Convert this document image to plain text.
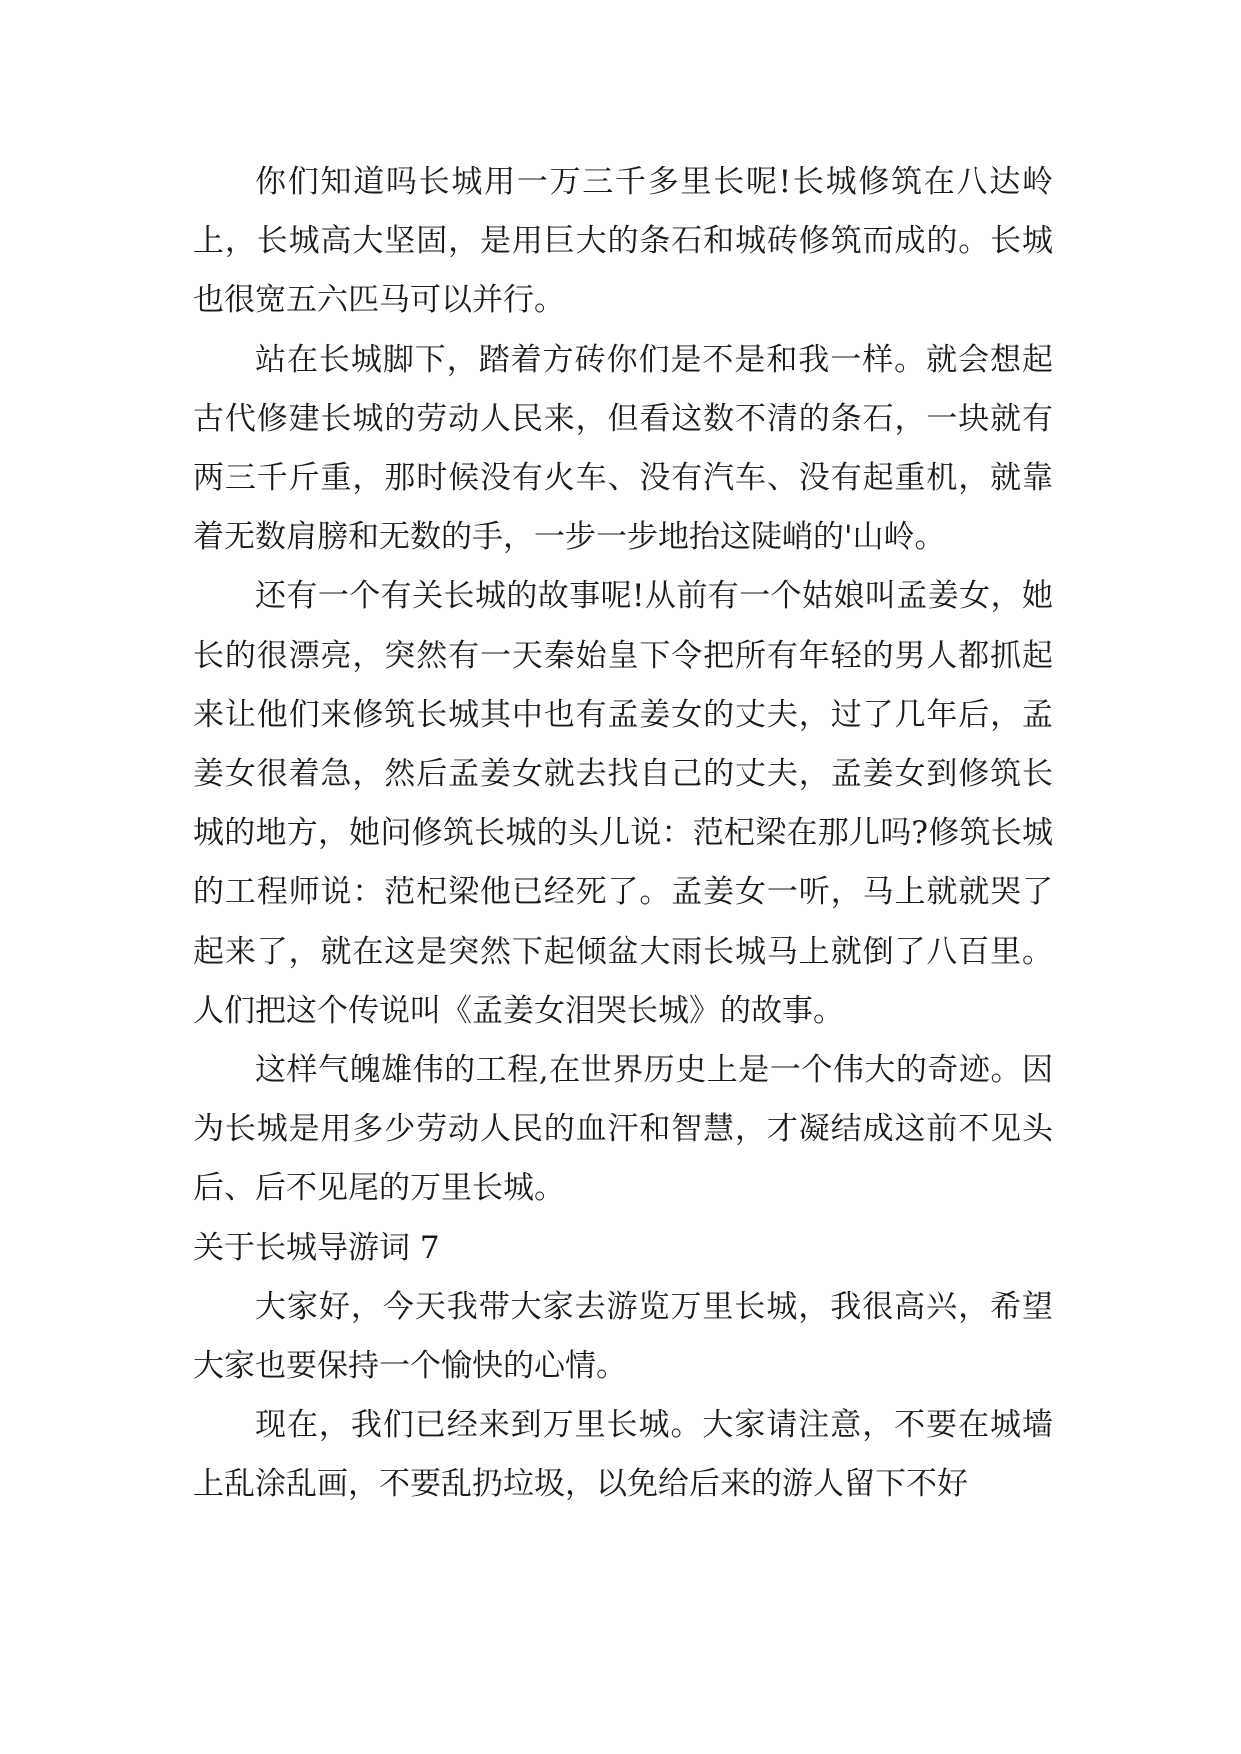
你们知道吗长城用一万三千多里长呢!长城修筑在八达岭上，长城高大坚固，是用巨大的条石和城砖修筑而成的。长城也很宽五六匹马可以并行。

站在长城脚下，踏着方砖你们是不是和我一样。就会想起古代修建长城的劳动人民来，但看这数不清的条石，一块就有两三千斤重，那时候没有火车、没有汽车、没有起重机，就靠着无数肩膀和无数的手，一步一步地抬这陡峭的'山岭。

还有一个有关长城的故事呢!从前有一个姑娘叫孟姜女，她长的很漂亮，突然有一天秦始皇下令把所有年轻的男人都抓起来让他们来修筑长城其中也有孟姜女的丈夫，过了几年后，孟姜女很着急，然后孟姜女就去找自己的丈夫，孟姜女到修筑长城的地方，她问修筑长城的头儿说：范杞梁在那儿吗?修筑长城的工程师说：范杞梁他已经死了。孟姜女一听，马上就就哭了起来了，就在这是突然下起倾盆大雨长城马上就倒了八百里。人们把这个传说叫《孟姜女泪哭长城》的故事。

这样气魄雄伟的工程,在世界历史上是一个伟大的奇迹。因为长城是用多少劳动人民的血汗和智慧，才凝结成这前不见头后、后不见尾的万里长城。

关于长城导游词 7

大家好，今天我带大家去游览万里长城，我很高兴，希望大家也要保持一个愉快的心情。

现在，我们已经来到万里长城。大家请注意，不要在城墙上乱涂乱画，不要乱扔垃圾，以免给后来的游人留下不好
